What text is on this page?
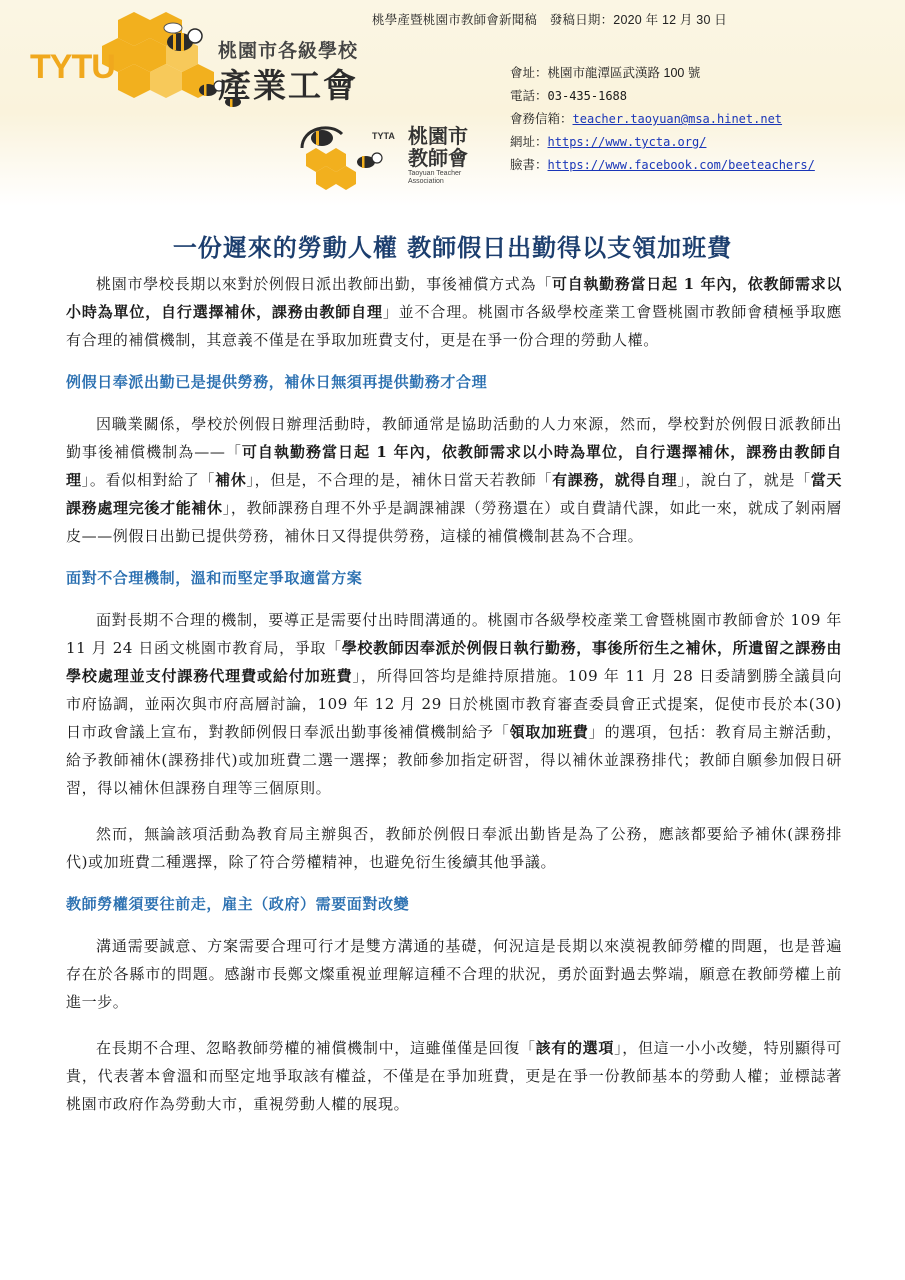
TYTU	桃園市各級學校
產業工會
TYTA 桃園市教師會
Taoyuan Teacher
Association
桃學產暨桃園市教師會新聞稿　發稿日期：2020 年 12 月 30 日
會址：桃園市龍潭區武漢路 100 號
電話：03-435-1688
會務信箱：teacher.taoyuan@msa.hinet.net
網址：https://www.tycta.org/
臉書：https://www.facebook.com/beeteachers/
一份遲來的勞動人權 教師假日出勤得以支領加班費

桃園市學校長期以來對於例假日派出教師出勤，事後補償方式為「可自執勤務當日起 1 年內，依教師需求以小時為單位，自行選擇補休，課務由教師自理」並不合理。桃園市各級學校產業工會暨桃園市教師會積極爭取應有合理的補償機制，其意義不僅是在爭取加班費支付，更是在爭一份合理的勞動人權。

例假日奉派出勤已是提供勞務，補休日無須再提供勤務才合理

因職業關係，學校於例假日辦理活動時，教師通常是協助活動的人力來源，然而，學校對於例假日派教師出勤事後補償機制為——「可自執勤務當日起 1 年內，依教師需求以小時為單位，自行選擇補休，課務由教師自理」。看似相對給了「補休」，但是，不合理的是，補休日當天若教師「有課務，就得自理」，說白了，就是「當天課務處理完後才能補休」，教師課務自理不外乎是調課補課（勞務還在）或自費請代課，如此一來，就成了剝兩層皮——例假日出勤已提供勞務，補休日又得提供勞務，這樣的補償機制甚為不合理。

面對不合理機制，溫和而堅定爭取適當方案

面對長期不合理的機制，要導正是需要付出時間溝通的。桃園市各級學校產業工會暨桃園市教師會於 109 年 11 月 24 日函文桃園市教育局，爭取「學校教師因奉派於例假日執行勤務，事後所衍生之補休，所遺留之課務由學校處理並支付課務代理費或給付加班費」，所得回答均是維持原措施。109 年 11 月 28 日委請劉勝全議員向市府協調，並兩次與市府高層討論，109 年 12 月 29 日於桃園市教育審查委員會正式提案，促使市長於本(30)日市政會議上宣布，對教師例假日奉派出勤事後補償機制給予「領取加班費」的選項，包括：教育局主辦活動，給予教師補休(課務排代)或加班費二選一選擇；教師參加指定研習，得以補休並課務排代；教師自願參加假日研習，得以補休但課務自理等三個原則。

然而，無論該項活動為教育局主辦與否，教師於例假日奉派出勤皆是為了公務，應該都要給予補休(課務排代)或加班費二種選擇，除了符合勞權精神，也避免衍生後續其他爭議。

教師勞權須要往前走，雇主（政府）需要面對改變

溝通需要誠意、方案需要合理可行才是雙方溝通的基礎，何況這是長期以來漠視教師勞權的問題，也是普遍存在於各縣市的問題。感謝市長鄭文燦重視並理解這種不合理的狀況，勇於面對過去弊端，願意在教師勞權上前進一步。

在長期不合理、忽略教師勞權的補償機制中，這雖僅僅是回復「該有的選項」，但這一小小改變，特別顯得可貴，代表著本會溫和而堅定地爭取該有權益，不僅是在爭加班費，更是在爭一份教師基本的勞動人權；並標誌著桃園市政府作為勞動大市，重視勞動人權的展現。
